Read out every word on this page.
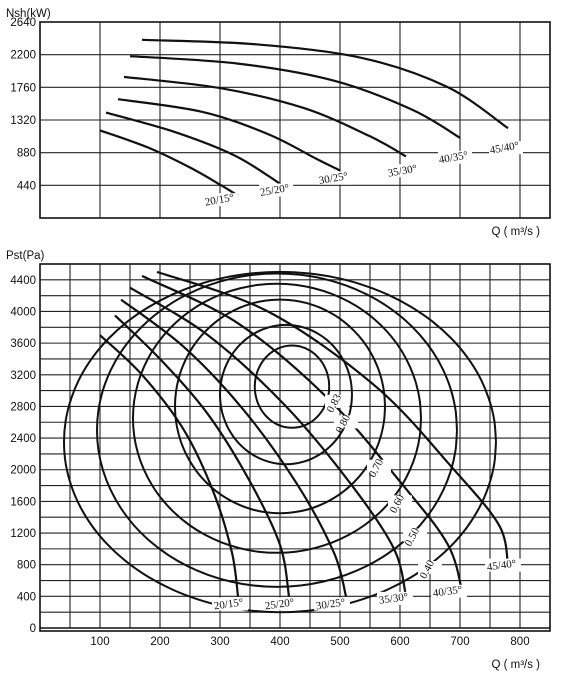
2640
2200
1760
1320
880
440
20/15°
25/20°
30/25°	35/30°
40/35°
45/40°
Nsh(kW)
Q ( m³/s )
4400
4000
3600
3200
2800
2400
2000
1600
1200
800
400
0
100	200	300	400	500	600	700	800
20/15° 25/20° 30/25°	35/30° 40/35°
45/40°
0.83
0.80
0.70
0.60
0.50
0.40
Pst(Pa)
Q ( m³/s )
